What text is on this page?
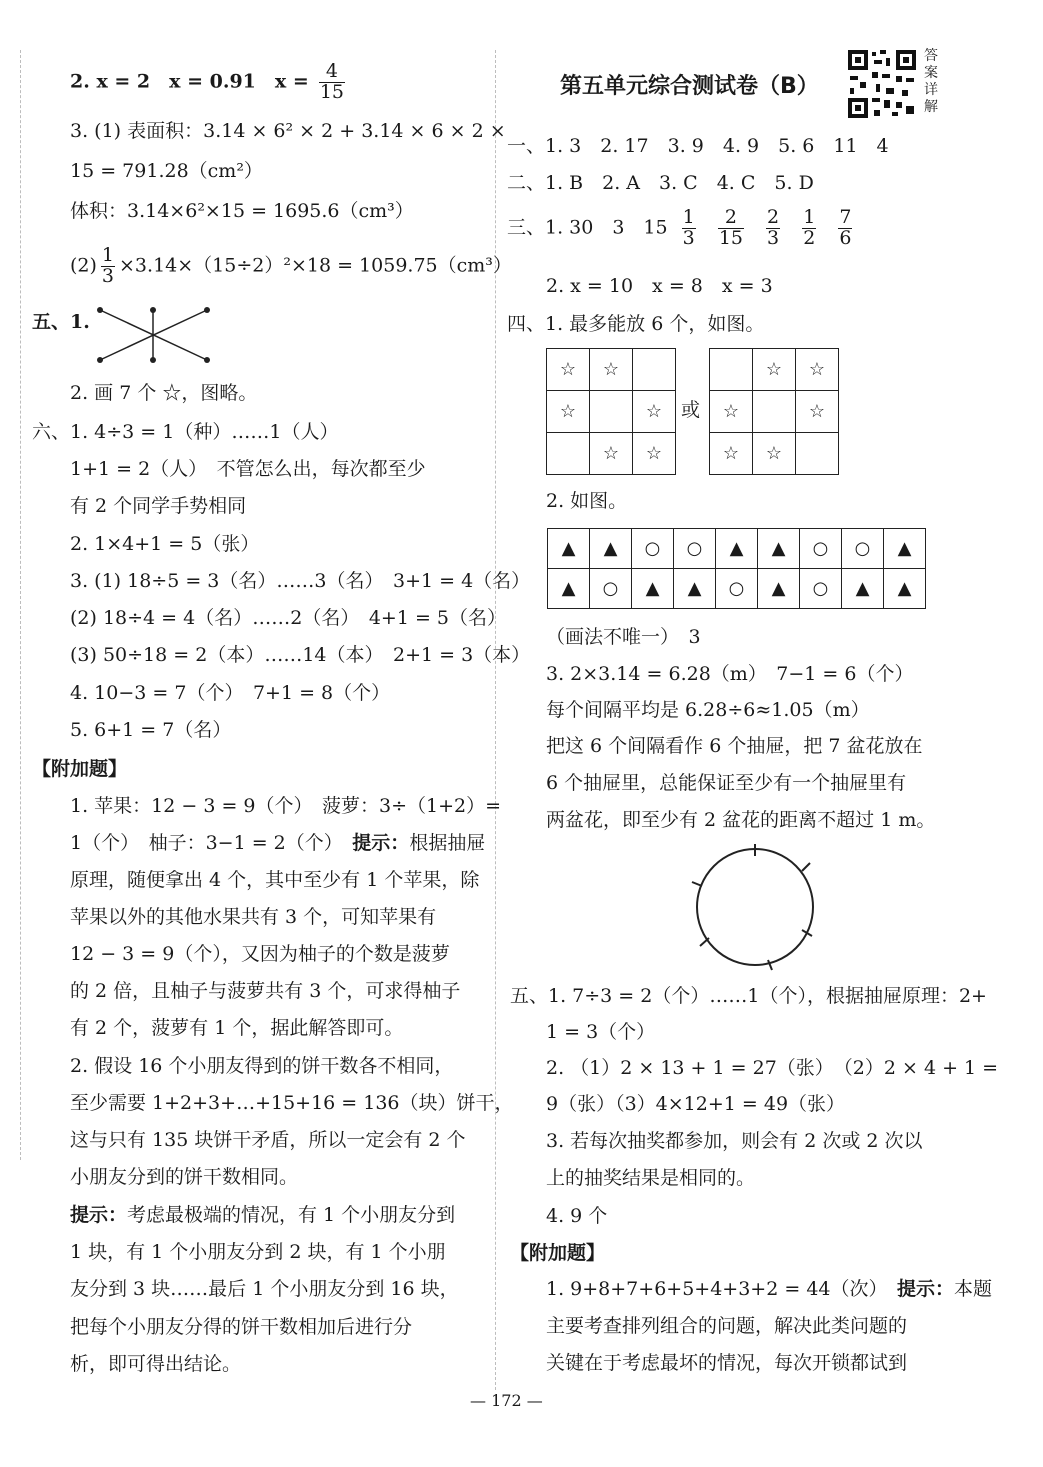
2. x = 2　x = 0.91　$x = \frac{4}{15}$
3. (1) 表面积：3.14 × 6² × 2 + 3.14 × 6 × 2 ×
15 = 791.28（cm²）
体积：3.14×6²×15 = 1695.6（cm³）
$(2) \frac{1}{3} \times 3.14\times(15\div 2)^2\times 18 = 1059.75(cm^3)$
五、1.
2. 画 7 个 ☆，图略。
六、1. 4÷3 = 1（种）……1（人）
1+1 = 2（人）　不管怎么出，每次都至少
有 2 个同学手势相同
2. 1×4+1 = 5（张）
3. (1) 18÷5 = 3（名）……3（名）　3+1 = 4（名）
(2) 18÷4 = 4（名）……2（名）　4+1 = 5（名）
(3) 50÷18 = 2（本）……14（本）　2+1 = 3（本）
4. 10−3 = 7（个）　7+1 = 8（个）
5. 6+1 = 7（名）
【附加题】
1. 苹果：12 − 3 = 9（个）　菠萝：3÷（1+2）=
1（个）　柚子：3−1 = 2（个）　 提示：根据抽屉
原理，随便拿出 4 个，其中至少有 1 个苹果，除
苹果以外的其他水果共有 3 个，可知苹果有
12 − 3 = 9（个），又因为柚子的个数是菠萝
的 2 倍，且柚子与菠萝共有 3 个，可求得柚子
有 2 个，菠萝有 1 个，据此解答即可。
2. 假设 16 个小朋友得到的饼干数各不相同，
至少需要 1+2+3+…+15+16 = 136（块）饼干，
这与只有 135 块饼干矛盾，所以一定会有 2 个
小朋友分到的饼干数相同。
提示：考虑最极端的情况，有 1 个小朋友分到
1 块，有 1 个小朋友分到 2 块，有 1 个小朋
友分到 3 块……最后 1 个小朋友分到 16 块，
把每个小朋友分得的饼干数相加后进行分
析，即可得出结论。
第五单元综合测试卷（B）
答案详解
一、1. 3　2. 17　3. 9　4. 9　5. 6　11　4
二、1. B　2. A　3. C　4. C　5. D
三、1. 30　3　$15 \frac{1}{3}$
$\frac{2}{15}$
$\frac{2}{3}$
$\frac{1}{2}$
$\frac{7}{6}$
2. x = 10　x = 8　x = 3
四、1. 最多能放 6 个，如图。
☆	☆	
☆		☆
	☆	☆
或
	☆	☆
☆		☆
☆	☆	
2. 如图。
▲	▲	○	○	▲	▲	○	○	▲
▲	○	▲	▲	○	▲	○	▲	▲
（画法不唯一）　3
3. 2×3.14 = 6.28（m）　7−1 = 6（个）
每个间隔平均是 6.28÷6≈1.05（m）
把这 6 个间隔看作 6 个抽屉，把 7 盆花放在
6 个抽屉里，总能保证至少有一个抽屉里有
两盆花，即至少有 2 盆花的距离不超过 1 m。
五、1. 7÷3 = 2（个）……1（个），根据抽屉原理：2+
1 = 3（个）
2. （1）2 × 13 + 1 = 27（张）　（2）2 × 4 + 1 =
9（张）（3）4×12+1 = 49（张）
3. 若每次抽奖都参加，则会有 2 次或 2 次以
上的抽奖结果是相同的。
4. 9 个
【附加题】
1. 9+8+7+6+5+4+3+2 = 44（次）　 提示：本题
主要考查排列组合的问题，解决此类问题的
关键在于考虑最坏的情况，每次开锁都试到
— 172 —
